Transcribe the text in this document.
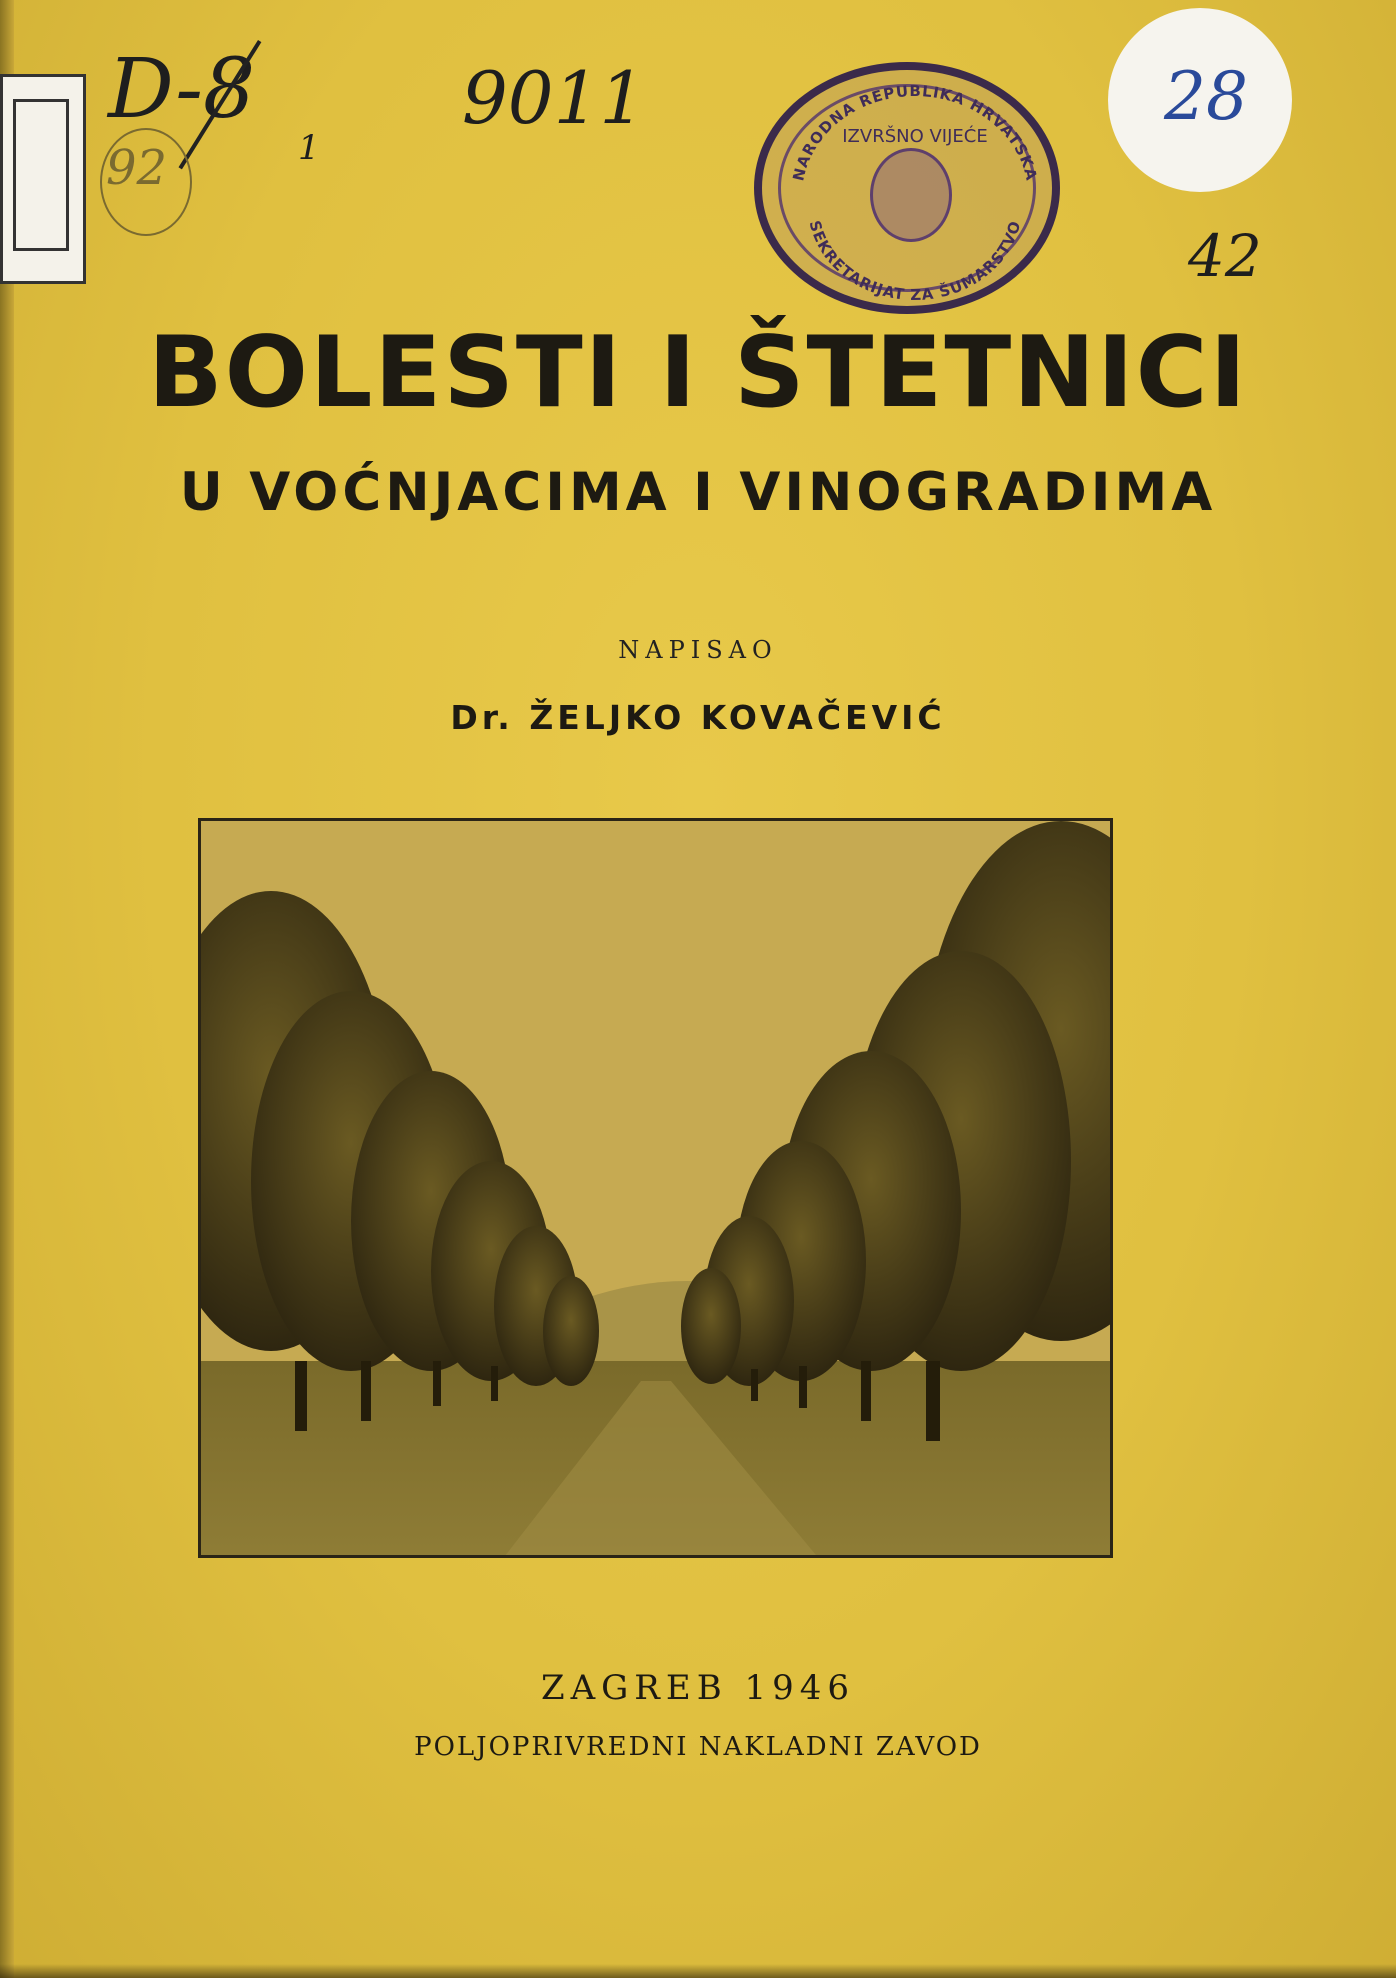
D-8
1
92
9011
NARODNA REPUBLIKA HRVATSKA
SEKRETARIJAT ZA ŠUMARSTVO
IZVRŠNO VIJEĆE
28
42
BOLESTI I ŠTETNICI
U VOĆNJACIMA I VINOGRADIMA
NAPISAO
Dr. ŽELJKO KOVAČEVIĆ
ZAGREB 1946
POLJOPRIVREDNI NAKLADNI ZAVOD
